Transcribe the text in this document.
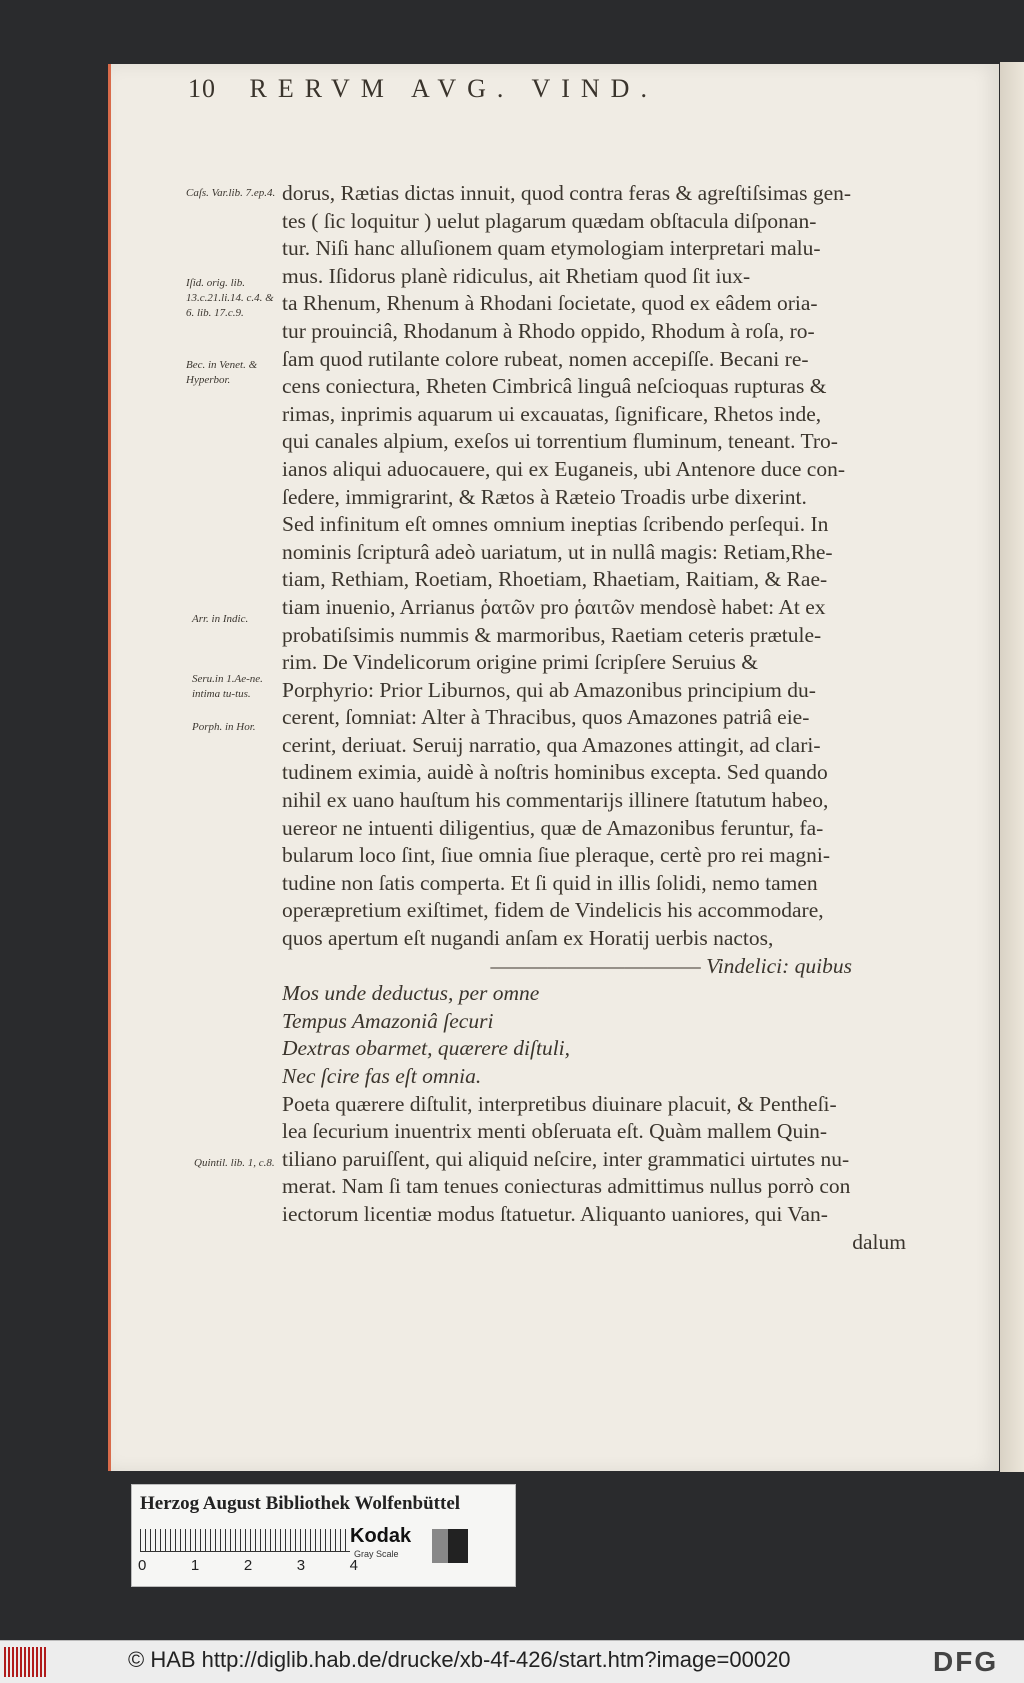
10 RERVM AVG. VIND.
Caſs. Var.lib. 7.ep.4.
Iſid. orig. lib. 13.c.21.li.14. c.4. & 6. lib. 17.c.9.
Bec. in Venet. & Hyperbor.
Arr. in Indic.
Seru.in 1.Ae-ne. intima tu-tus.
Porph. in Hor.
Quintil. lib. 1, c.8.
dorus, Rætias dictas innuit, quod contra feras & agreſtiſsimas gen-
tes ( ſic loquitur ) uelut plagarum quædam obſtacula diſponan-
tur. Niſi hanc alluſionem quam etymologiam interpretari malu-
mus. Iſidorus planè ridiculus, ait Rhetiam quod ſit iux-
ta Rhenum, Rhenum à Rhodani ſocietate, quod ex eâdem oria-
tur prouinciâ, Rhodanum à Rhodo oppido, Rhodum à roſa, ro-
ſam quod rutilante colore rubeat, nomen accepiſſe. Becani re-
cens coniectura, Rheten Cimbricâ linguâ neſcioquas rupturas &
rimas, inprimis aquarum ui excauatas, ſignificare, Rhetos inde,
qui canales alpium, exeſos ui torrentium fluminum, teneant. Tro-
ianos aliqui aduocauere, qui ex Euganeis, ubi Antenore duce con-
ſedere, immigrarint, & Rætos à Ræteio Troadis urbe dixerint.
Sed infinitum eſt omnes omnium ineptias ſcribendo perſequi. In
nominis ſcripturâ adeò uariatum, ut in nullâ magis: Retiam,Rhe-
tiam, Rethiam, Roetiam, Rhoetiam, Rhaetiam, Raitiam, & Rae-
tiam inuenio, Arrianus ῥατῶν pro ῥαιτῶν mendosè habet: At ex
probatiſsimis nummis & marmoribus, Raetiam ceteris prætule-
rim. De Vindelicorum origine primi ſcripſere Seruius &
Porphyrio: Prior Liburnos, qui ab Amazonibus principium du-
cerent, ſomniat: Alter à Thracibus, quos Amazones patriâ eie-
cerint, deriuat. Seruij narratio, qua Amazones attingit, ad clari-
tudinem eximia, auidè à noſtris hominibus excepta. Sed quando
nihil ex uano hauſtum his commentarijs illinere ſtatutum habeo,
uereor ne intuenti diligentius, quæ de Amazonibus feruntur, fa-
bularum loco ſint, ſiue omnia ſiue pleraque, certè pro rei magni-
tudine non ſatis comperta. Et ſi quid in illis ſolidi, nemo tamen
operæpretium exiſtimet, fidem de Vindelicis his accommodare,
quos apertum eſt nugandi anſam ex Horatij uerbis nactos,
——————————— Vindelici: quibus
Mos unde deductus, per omne
Tempus Amazoniâ ſecuri
Dextras obarmet, quærere diſtuli,
Nec ſcire fas eſt omnia.
Poeta quærere diſtulit, interpretibus diuinare placuit, & Pentheſi-
lea ſecurium inuentrix menti obſeruata eſt. Quàm mallem Quin-
tiliano paruiſſent, qui aliquid neſcire, inter grammatici uirtutes nu-
merat. Nam ſi tam tenues coniecturas admittimus nullus porrò con
iectorum licentiæ modus ſtatuetur. Aliquanto uaniores, qui Van-
dalum
Herzog August Bibliothek Wolfenbüttel
0	1	2	3	4
Kodak
Gray Scale
© HAB http://diglib.hab.de/drucke/xb-4f-426/start.htm?image=00020	DFG
